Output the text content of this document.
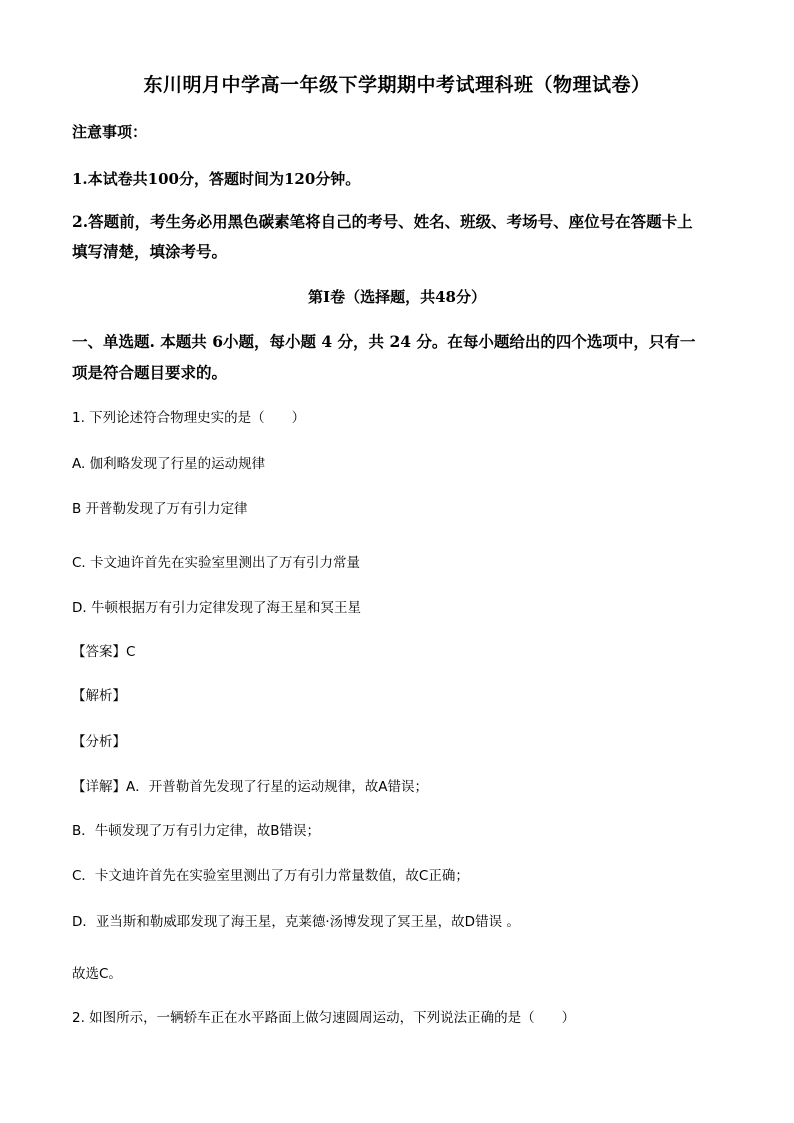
东川明月中学高一年级下学期期中考试理科班（物理试卷）

注意事项：

1.本试卷共100分，答题时间为120分钟。

2.答题前，考生务必用黑色碳素笔将自己的考号、姓名、班级、考场号、座位号在答题卡上

填写清楚，填涂考号。

第Ⅰ卷（选择题，共48分）

一、单选题. 本题共 6小题，每小题 4 分，共 24 分。在每小题给出的四个选项中，只有一

项是符合题目要求的。

1. 下列论述符合物理史实的是（　　）

A. 伽利略发现了行星的运动规律

B 开普勒发现了万有引力定律

C. 卡文迪许首先在实验室里测出了万有引力常量

D. 牛顿根据万有引力定律发现了海王星和冥王星

【答案】C

【解析】

【分析】

【详解】A．开普勒首先发现了行星的运动规律，故A错误；

B．牛顿发现了万有引力定律，故B错误；

C．卡文迪许首先在实验室里测出了万有引力常量数值，故C正确；

D．亚当斯和勒威耶发现了海王星，克莱德·汤博发现了冥王星，故D错误 。

故选C。

2. 如图所示，一辆轿车正在水平路面上做匀速圆周运动，下列说法正确的是（　　）
